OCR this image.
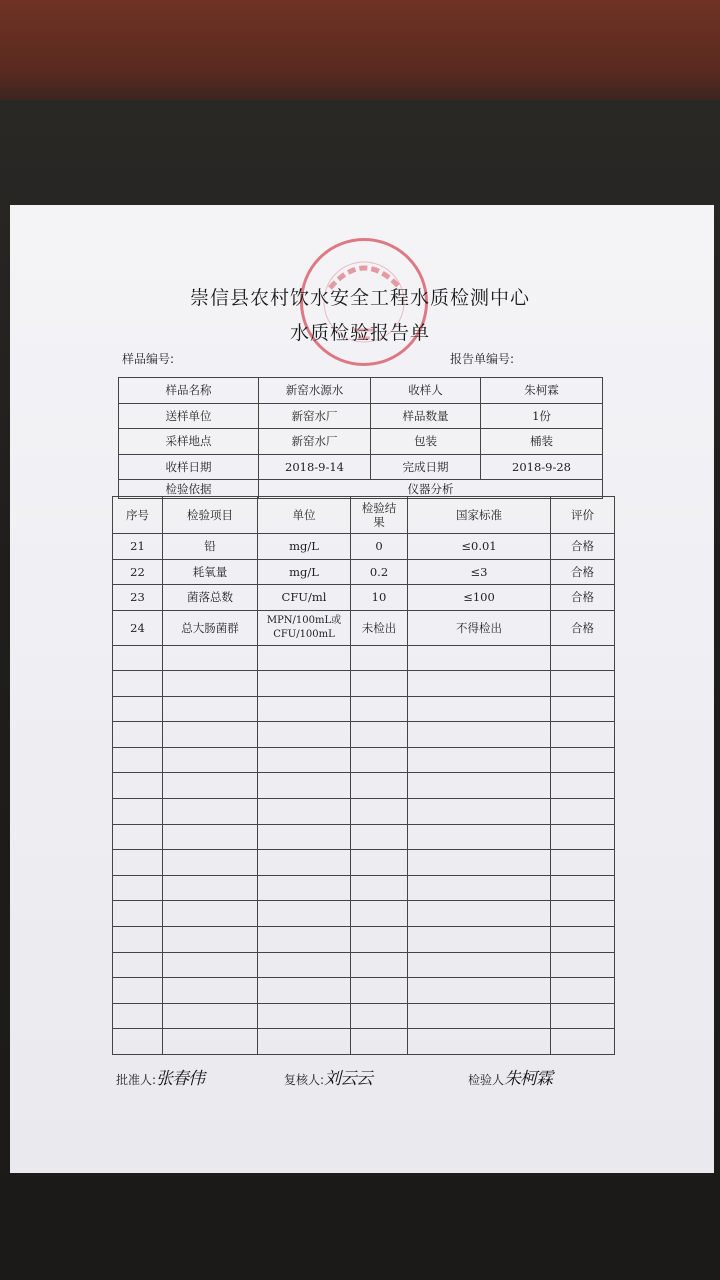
崇信县农村饮水安全工程水质检测中心
水质检验报告单
样品编号:	报告单编号:
样品名称	新窑水源水	收样人	朱柯霖
送样单位	新窑水厂	样品数量	1份
采样地点	新窑水厂	包装	桶装
收样日期	2018-9-14	完成日期	2018-9-28
检验依据	仪器分析		
序号	检验项目	单位	检验结果	国家标准	评价
21	铅	mg/L	0	≤0.01	合格
22	耗氧量	mg/L	0.2	≤3	合格
23	菌落总数	CFU/ml	10	≤100	合格
24	总大肠菌群	MPN/100mL或CFU/100mL	未检出	不得检出	合格

批准人:张春伟	复核人:刘云云	检验人朱柯霖
